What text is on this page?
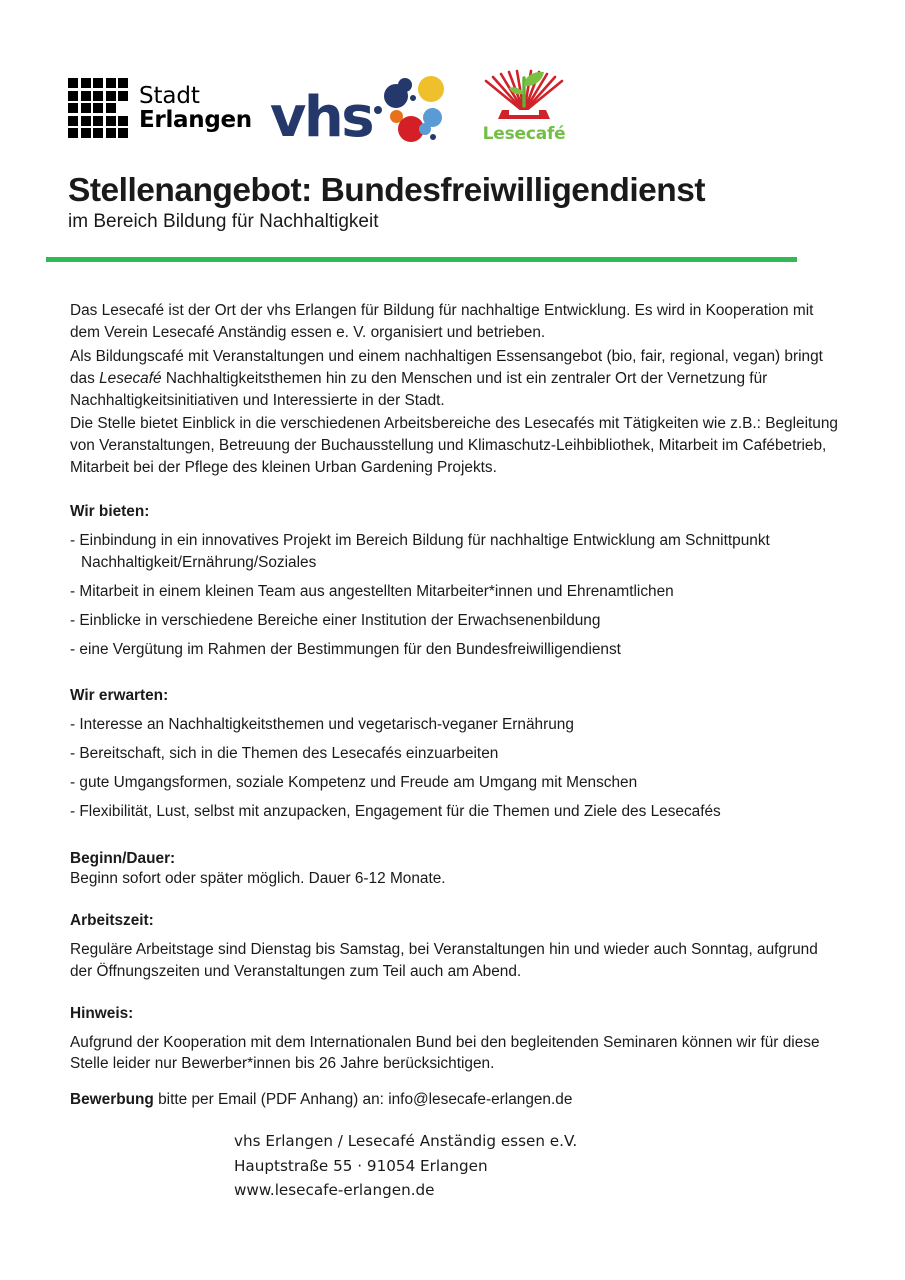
Stadt
Erlangen vhs	Lesecafé
Stellenangebot: Bundesfreiwilligendienst
im Bereich Bildung für Nachhaltigkeit

Das Lesecafé ist der Ort der vhs Erlangen für Bildung für nachhaltige Entwicklung. Es wird in Kooperation mit dem Verein Lesecafé Anständig essen e. V. organisiert und betrieben.

Als Bildungscafé mit Veranstaltungen und einem nachhaltigen Essensangebot (bio, fair, regional, vegan) bringt das Lesecafé Nachhaltigkeitsthemen hin zu den Menschen und ist ein zentraler Ort der Vernetzung für Nachhaltigkeitsinitiativen und Interessierte in der Stadt.

Die Stelle bietet Einblick in die verschiedenen Arbeitsbereiche des Lesecafés mit Tätigkeiten wie z.B.: Begleitung von Veranstaltungen, Betreuung der Buchausstellung und Klimaschutz-Leihbibliothek, Mitarbeit im Cafébetrieb, Mitarbeit bei der Pflege des kleinen Urban Gardening Projekts.

Wir bieten:

- Einbindung in ein innovatives Projekt im Bereich Bildung für nachhaltige Entwicklung am Schnittpunkt Nachhaltigkeit/Ernährung/Soziales

- Mitarbeit in einem kleinen Team aus angestellten Mitarbeiter*innen und Ehrenamtlichen

- Einblicke in verschiedene Bereiche einer Institution der Erwachsenenbildung

- eine Vergütung im Rahmen der Bestimmungen für den Bundesfreiwilligendienst

Wir erwarten:

- Interesse an Nachhaltigkeitsthemen und vegetarisch-veganer Ernährung

- Bereitschaft, sich in die Themen des Lesecafés einzuarbeiten

- gute Umgangsformen, soziale Kompetenz und Freude am Umgang mit Menschen

- Flexibilität, Lust, selbst mit anzupacken, Engagement für die Themen und Ziele des Lesecafés

Beginn/Dauer:

Beginn sofort oder später möglich. Dauer 6-12 Monate.

Arbeitszeit:

Reguläre Arbeitstage sind Dienstag bis Samstag, bei Veranstaltungen hin und wieder auch Sonntag, aufgrund der Öffnungszeiten und Veranstaltungen zum Teil auch am Abend.

Hinweis:

Aufgrund der Kooperation mit dem Internationalen Bund bei den begleitenden Seminaren können wir für diese Stelle leider nur Bewerber*innen bis 26 Jahre berücksichtigen.

Bewerbung bitte per Email (PDF Anhang) an: info@lesecafe-erlangen.de

vhs Erlangen / Lesecafé Anständig essen e.V.
Hauptstraße 55 · 91054 Erlangen
www.lesecafe-erlangen.de
